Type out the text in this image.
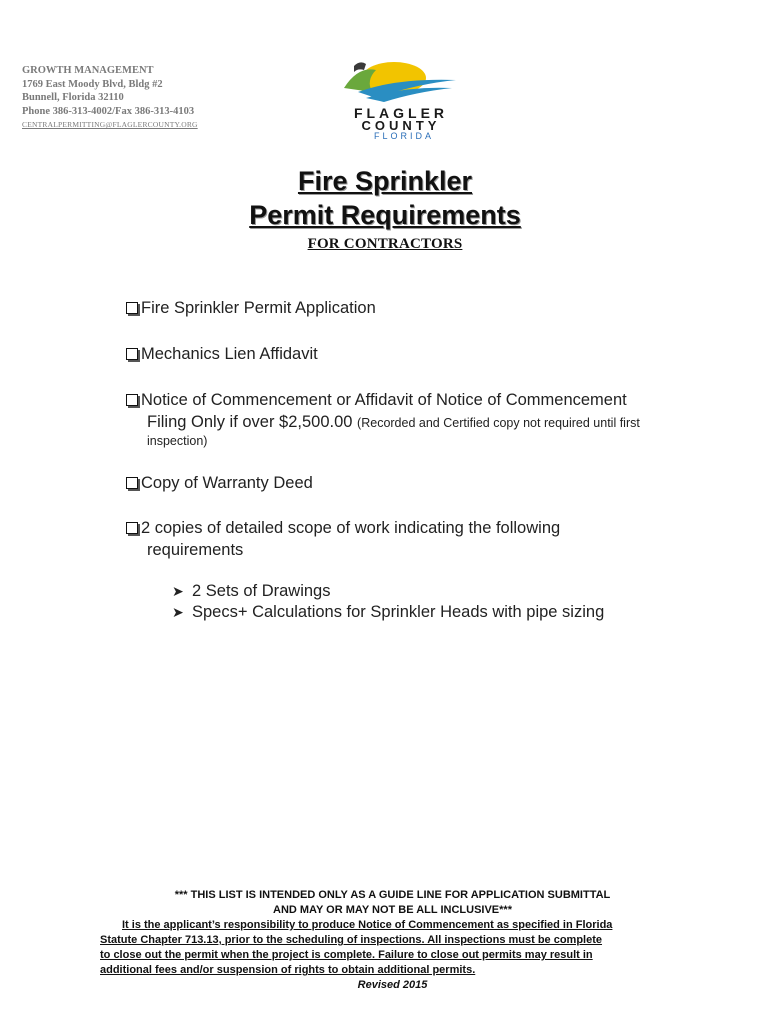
GROWTH MANAGEMENT
1769 East Moody Blvd, Bldg #2
Bunnell, Florida 32110
Phone 386-313-4002/Fax 386-313-4103
CENTRALPERMITTING@FLAGLERCOUNTY.ORG
FLAGLER
COUNTY
FLORIDA
Fire Sprinkler
Permit Requirements
FOR CONTRACTORS
Fire Sprinkler Permit Application
Mechanics Lien Affidavit
Notice of Commencement or Affidavit of Notice of Commencement
Filing Only if over $2,500.00 (Recorded and Certified copy not required until first
inspection)
Copy of Warranty Deed
2 copies of detailed scope of work indicating the following
requirements
➤ 2 Sets of Drawings
➤ Specs+ Calculations for Sprinkler Heads with pipe sizing
*** THIS LIST IS INTENDED ONLY AS A GUIDE LINE FOR APPLICATION SUBMITTAL
AND MAY OR MAY NOT BE ALL INCLUSIVE***
It is the applicant’s responsibility to produce Notice of Commencement as specified in Florida
Statute Chapter 713.13, prior to the scheduling of inspections. All inspections must be complete
to close out the permit when the project is complete. Failure to close out permits may result in
additional fees and/or suspension of rights to obtain additional permits.
Revised 2015
